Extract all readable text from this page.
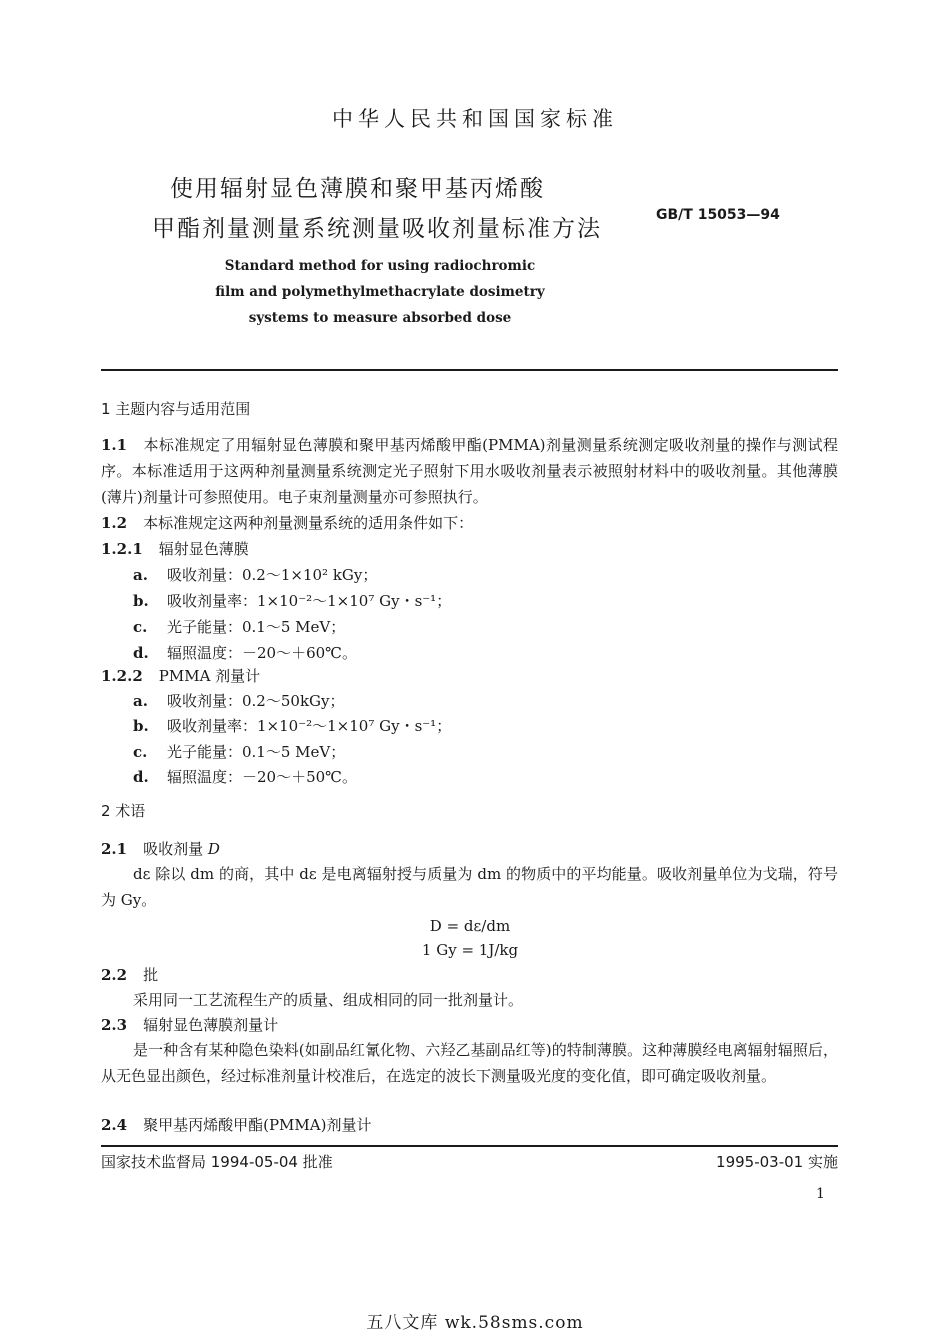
中华人民共和国国家标准
使用辐射显色薄膜和聚甲基丙烯酸
甲酯剂量测量系统测量吸收剂量标准方法
GB/T 15053—94
Standard method for using radiochromic
film and polymethylmethacrylate dosimetry
systems to measure absorbed dose
1 主题内容与适用范围
1.1 本标准规定了用辐射显色薄膜和聚甲基丙烯酸甲酯(PMMA)剂量测量系统测定吸收剂量的操作与测试程序。本标准适用于这两种剂量测量系统测定光子照射下用水吸收剂量表示被照射材料中的吸收剂量。其他薄膜(薄片)剂量计可参照使用。电子束剂量测量亦可参照执行。
1.2 本标准规定这两种剂量测量系统的适用条件如下：
1.2.1 辐射显色薄膜
a. 吸收剂量：0.2～1×10² kGy；
b. 吸收剂量率：1×10⁻²～1×10⁷ Gy・s⁻¹；
c. 光子能量：0.1～5 MeV；
d. 辐照温度：－20～＋60℃。
1.2.2 PMMA 剂量计
a. 吸收剂量：0.2～50kGy；
b. 吸收剂量率：1×10⁻²～1×10⁷ Gy・s⁻¹；
c. 光子能量：0.1～5 MeV；
d. 辐照温度：－20～＋50℃。
2 术语
2.1 吸收剂量 D
dε 除以 dm 的商，其中 dε 是电离辐射授与质量为 dm 的物质中的平均能量。吸收剂量单位为戈瑞，符号为 Gy。
D = dε/dm
1 Gy = 1J/kg
2.2 批
采用同一工艺流程生产的质量、组成相同的同一批剂量计。
2.3 辐射显色薄膜剂量计
是一种含有某种隐色染料(如副品红氰化物、六羟乙基副品红等)的特制薄膜。这种薄膜经电离辐射辐照后，从无色显出颜色，经过标准剂量计校准后，在选定的波长下测量吸光度的变化值，即可确定吸收剂量。
2.4 聚甲基丙烯酸甲酯(PMMA)剂量计
国家技术监督局 1994-05-04 批准	1995-03-01 实施
1
五八文库 wk.58sms.com
